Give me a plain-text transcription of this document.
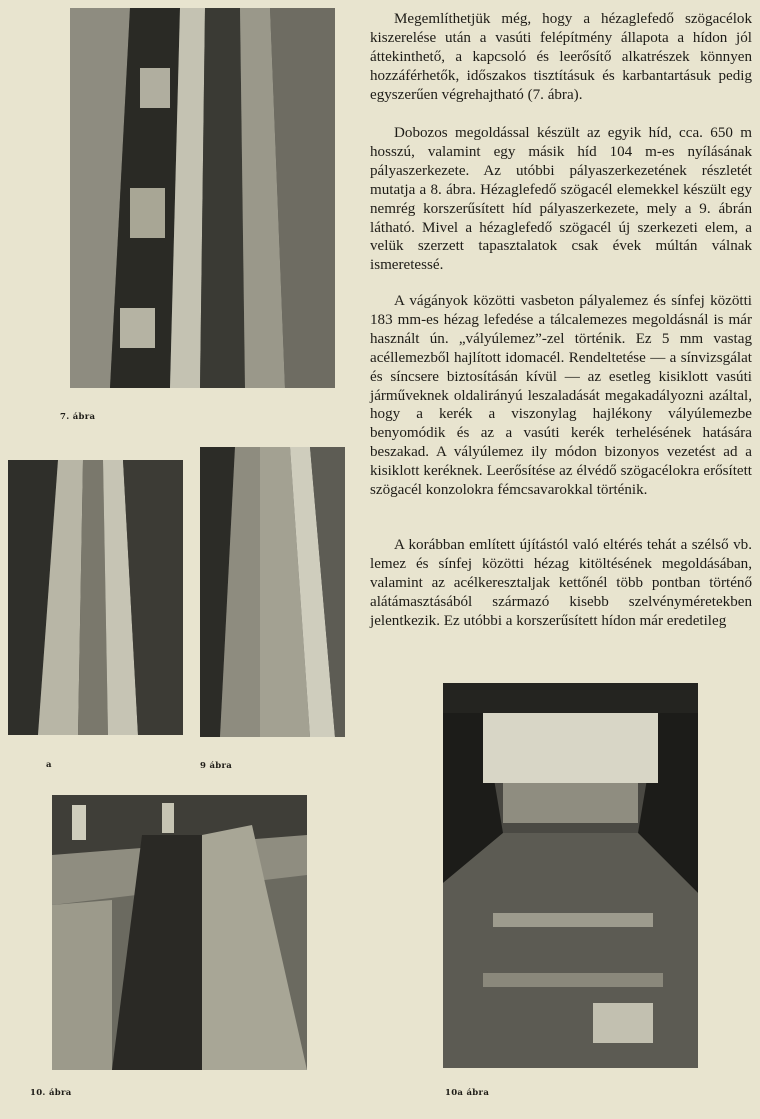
7. ábra
a	9 ábra
10. ábra	10a ábra

Megemlíthetjük még, hogy a hézaglefedő szögacélok kiszerelése után a vasúti felépítmény állapota a hídon jól áttekinthető, a kapcsoló és leerősítő alkatrészek könnyen hozzáférhetők, időszakos tisztításuk és karbantartásuk pedig egyszerűen végrehajtható (7. ábra).

Dobozos megoldással készült az egyik híd, cca. 650 m hosszú, valamint egy másik híd 104 m-es nyílásának pályaszerkezete. Az utóbbi pályaszerkezetének részletét mutatja a 8. ábra. Hézaglefedő szögacél elemekkel készült egy nemrég korszerűsített híd pályaszerkezete, mely a 9. ábrán látható. Mivel a hézaglefedő szögacél új szerkezeti elem, a velük szerzett tapasztalatok csak évek múltán válnak ismeretessé.

A vágányok közötti vasbeton pályalemez és sínfej közötti 183 mm-es hézag lefedése a tálcalemezes megoldásnál is már használt ún. „vályúlemez”-zel történik. Ez 5 mm vastag acéllemezből hajlított idomacél. Rendeltetése — a sínvizsgálat és síncsere biztosításán kívül — az esetleg kisiklott vasúti járműveknek oldalirányú leszaladását megakadályozni azáltal, hogy a kerék a viszonylag hajlékony vályúlemezbe benyomódik és az a vasúti kerék terhelésének hatására beszakad. A vályúlemez ily módon bizonyos vezetést ad a kisiklott keréknek. Leerősítése az élvédő szögacélokra erősített szögacél konzolokra fémcsavarokkal történik.

A korábban említett újítástól való eltérés tehát a szélső vb. lemez és sínfej közötti hézag kitöltésének megoldásában, valamint az acélkeresztaljak kettőnél több pontban történő alátámasztásából származó kisebb szelvényméretekben jelentkezik. Ez utóbbi a korszerűsített hídon már eredetileg
